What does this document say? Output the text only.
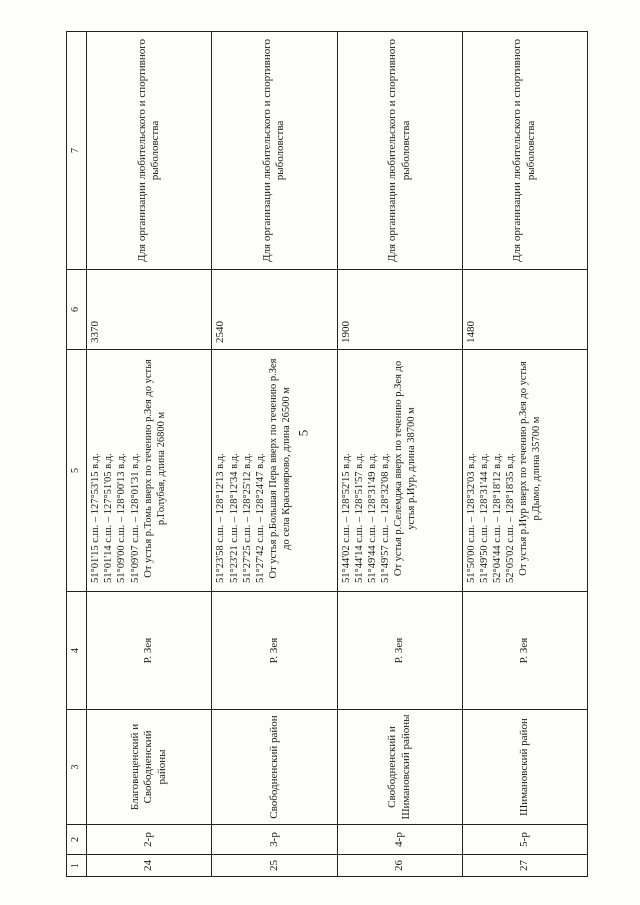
5
1	2	3	4	5	6	7
24	2-р	Благовещенский и Свободненский районы	Р. Зея	51°01'15 с.ш. – 127°53'15 в.д. 51°01'14 с.ш. – 127°51'05 в.д. 51°09'00 с.ш. – 128°00'13 в.д. 51°09'07 с.ш. – 128°01'31 в.д. От устья р.Томь вверх по течению р.Зея до устья р.Голубая, длина 26800 м	3370	Для организации любительского и спортивного рыболовства
25	3-р	Свободненский район	Р. Зея	51°23'58 с.ш. – 128°12'13 в.д. 51°23'21 с.ш. – 128°12'34 в.д. 51°27'25 с.ш. – 128°25'12 в.д. 51°27'42 с.ш. – 128°24'47 в.д. От устья р.Большая Пера вверх по течению р.Зея до села Красноярово, длина 26500 м	2540	Для организации любительского и спортивного рыболовства
26	4-р	Свободненский и Шимановский районы	Р. Зея	51°44'02 с.ш. – 128°52'15 в.д. 51°44'14 с.ш. – 128°51'57 в.д. 51°49'44 с.ш. – 128°31'49 в.д. 51°49'57 с.ш. – 128°32'08 в.д. От устья р.Селемджа вверх по течению р.Зея до устья р.Иур, длина 38700 м	1900	Для организации любительского и спортивного рыболовства
27	5-р	Шимановский район	Р. Зея	51°50'00 с.ш. – 128°32'03 в.д. 51°49'50 с.ш. – 128°31'44 в.д. 52°04'44 с.ш. – 128°18'12 в.д. 52°05'02 с.ш. – 128°18'35 в.д. От устья р.Иур вверх по течению р.Зея до устья р.Дымо, длина 35700 м	1480	Для организации любительского и спортивного рыболовства
